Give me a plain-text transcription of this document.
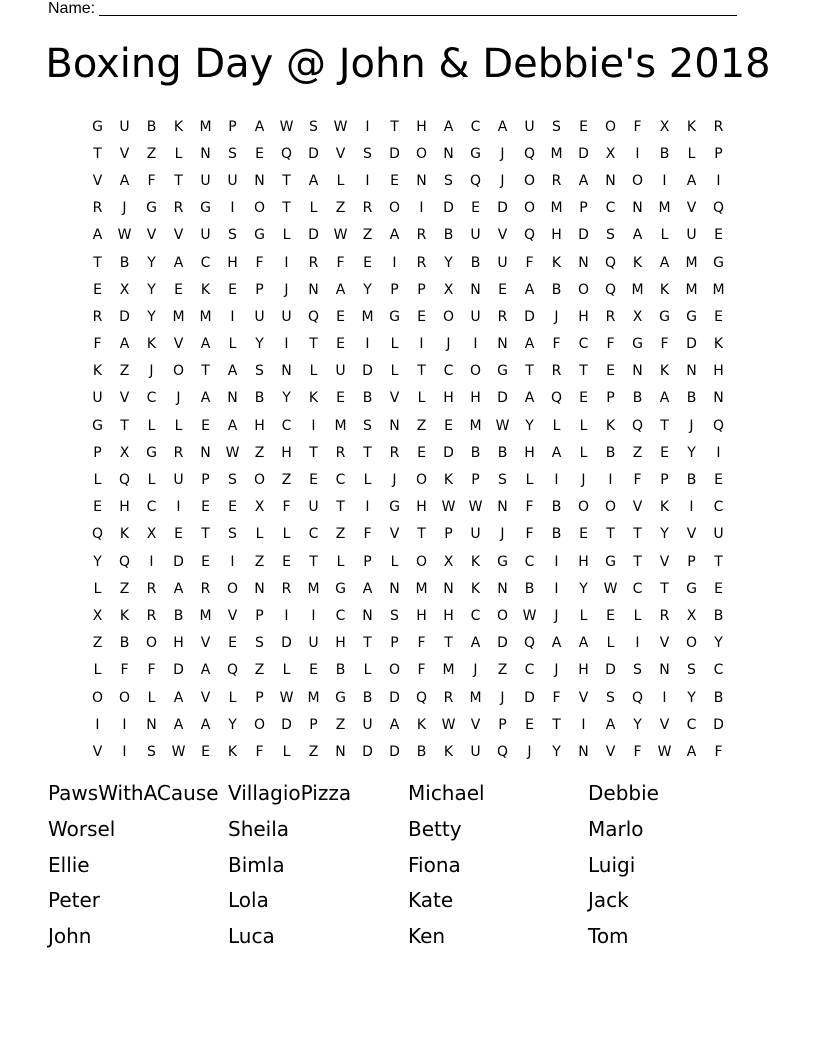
Name:
Boxing Day @ John & Debbie's 2018
G	U	B	K	M	P	A	W	S	W	I	T	H	A	C	A	U	S	E	O	F	X	K	R
T	V	Z	L	N	S	E	Q	D	V	S	D	O	N	G	J	Q	M	D	X	I	B	L	P
V	A	F	T	U	U	N	T	A	L	I	E	N	S	Q	J	O	R	A	N	O	I	A	I
R	J	G	R	G	I	O	T	L	Z	R	O	I	D	E	D	O	M	P	C	N	M	V	Q
A	W	V	V	U	S	G	L	D	W	Z	A	R	B	U	V	Q	H	D	S	A	L	U	E
T	B	Y	A	C	H	F	I	R	F	E	I	R	Y	B	U	F	K	N	Q	K	A	M	G
E	X	Y	E	K	E	P	J	N	A	Y	P	P	X	N	E	A	B	O	Q	M	K	M	M
R	D	Y	M	M	I	U	U	Q	E	M	G	E	O	U	R	D	J	H	R	X	G	G	E
F	A	K	V	A	L	Y	I	T	E	I	L	I	J	I	N	A	F	C	F	G	F	D	K
K	Z	J	O	T	A	S	N	L	U	D	L	T	C	O	G	T	R	T	E	N	K	N	H
U	V	C	J	A	N	B	Y	K	E	B	V	L	H	H	D	A	Q	E	P	B	A	B	N
G	T	L	L	E	A	H	C	I	M	S	N	Z	E	M	W	Y	L	L	K	Q	T	J	Q
P	X	G	R	N	W	Z	H	T	R	T	R	E	D	B	B	H	A	L	B	Z	E	Y	I
L	Q	L	U	P	S	O	Z	E	C	L	J	O	K	P	S	L	I	J	I	F	P	B	E
E	H	C	I	E	E	X	F	U	T	I	G	H	W W	N	F	B	O	O	V	K	I	C
Q	K	X	E	T	S	L	L	C	Z	F	V	T	P	U	J	F	B	E	T	T	Y	V	U
Y	Q	I	D	E	I	Z	E	T	L	P	L	O	X	K	G	C	I	H	G	T	V	P	T
L	Z	R	A	R	O	N	R	M	G	A	N	M	N	K	N	B	I	Y	W	C	T	G	E
X	K	R	B	M	V	P	I	I	C	N	S	H	H	C	O	W	J	L	E	L	R	X	B
Z	B	O	H	V	E	S	D	U	H	T	P	F	T	A	D	Q	A	A	L	I	V	O	Y
L	F	F	D	A	Q	Z	L	E	B	L	O	F	M	J	Z	C	J	H	D	S	N	S	C
O	O	L	A	V	L	P	W	M	G	B	D	Q	R	M	J	D	F	V	S	Q	I	Y	B
I	I	N	A	A	Y	O	D	P	Z	U	A	K	W	V	P	E	T	I	A	Y	V	C	D
V	I	S	W	E	K	F	L	Z	N	D	D	B	K	U	Q	J	Y	N	V	F	W	A	F
PawsWithACause VillagioPizza	Michael	Debbie
Worsel	Sheila	Betty	Marlo
Ellie	Bimla	Fiona	Luigi
Peter	Lola	Kate	Jack
John	Luca	Ken	Tom
